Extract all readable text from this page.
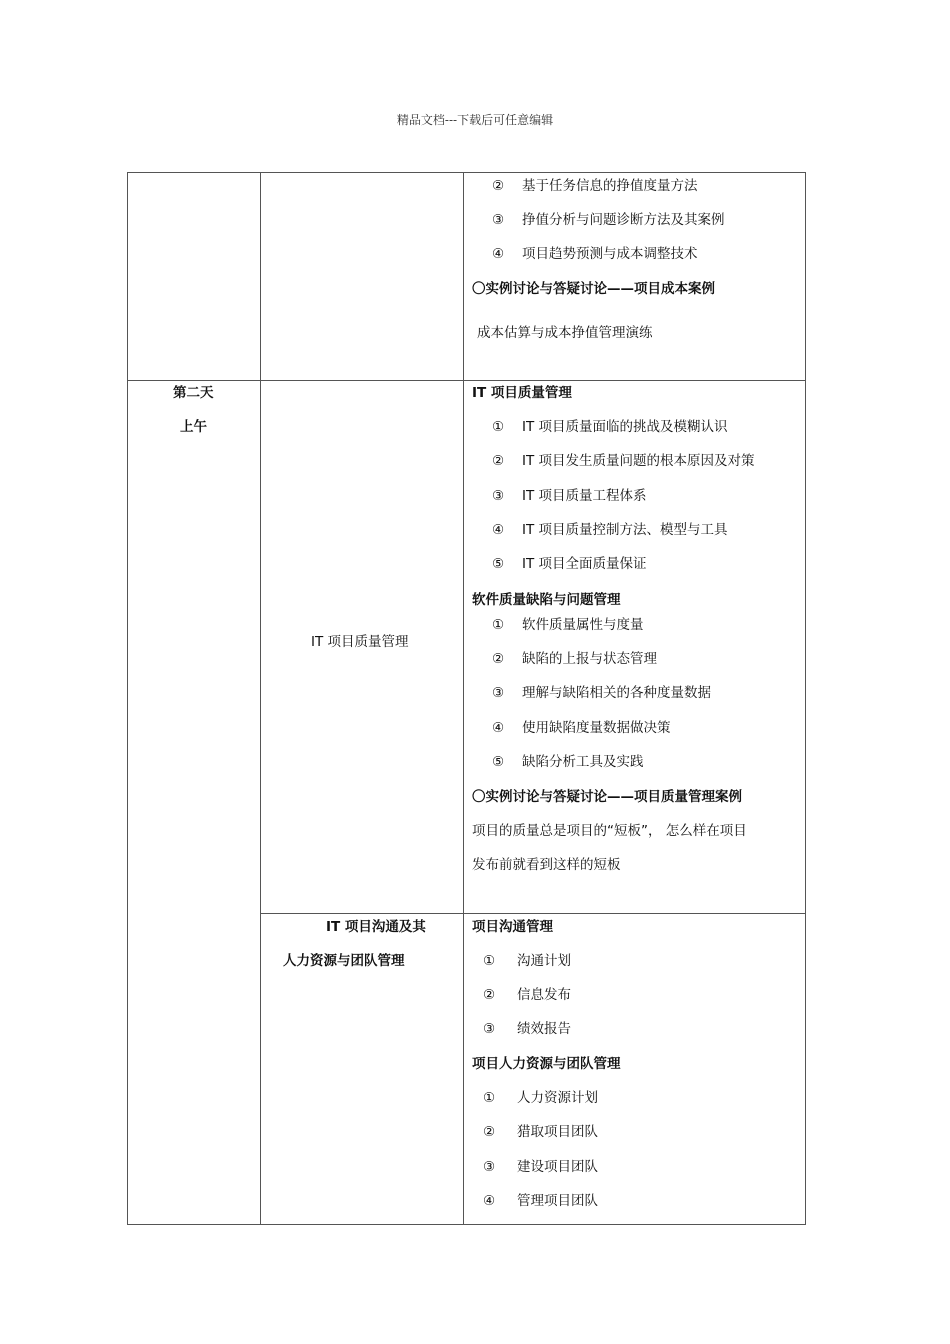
精品文档---下载后可任意编辑
② 基于任务信息的挣值度量方法
③ 挣值分析与问题诊断方法及其案例
④ 项目趋势预测与成本调整技术
〇实例讨论与答疑讨论——项目成本案例
成本估算与成本挣值管理演练
第二天
上午
IT 项目质量管理
IT 项目质量管理
① IT 项目质量面临的挑战及模糊认识
② IT 项目发生质量问题的根本原因及对策
③ IT 项目质量工程体系
④ IT 项目质量控制方法、模型与工具
⑤ IT 项目全面质量保证
软件质量缺陷与问题管理
① 软件质量属性与度量
② 缺陷的上报与状态管理
③ 理解与缺陷相关的各种度量数据
④ 使用缺陷度量数据做决策
⑤ 缺陷分析工具及实践
〇实例讨论与答疑讨论——项目质量管理案例
项目的质量总是项目的“短板”， 怎么样在项目
发布前就看到这样的短板
IT 项目沟通及其
人力资源与团队管理
项目沟通管理
① 沟通计划
② 信息发布
③ 绩效报告
项目人力资源与团队管理
① 人力资源计划
② 猎取项目团队
③ 建设项目团队
④ 管理项目团队
